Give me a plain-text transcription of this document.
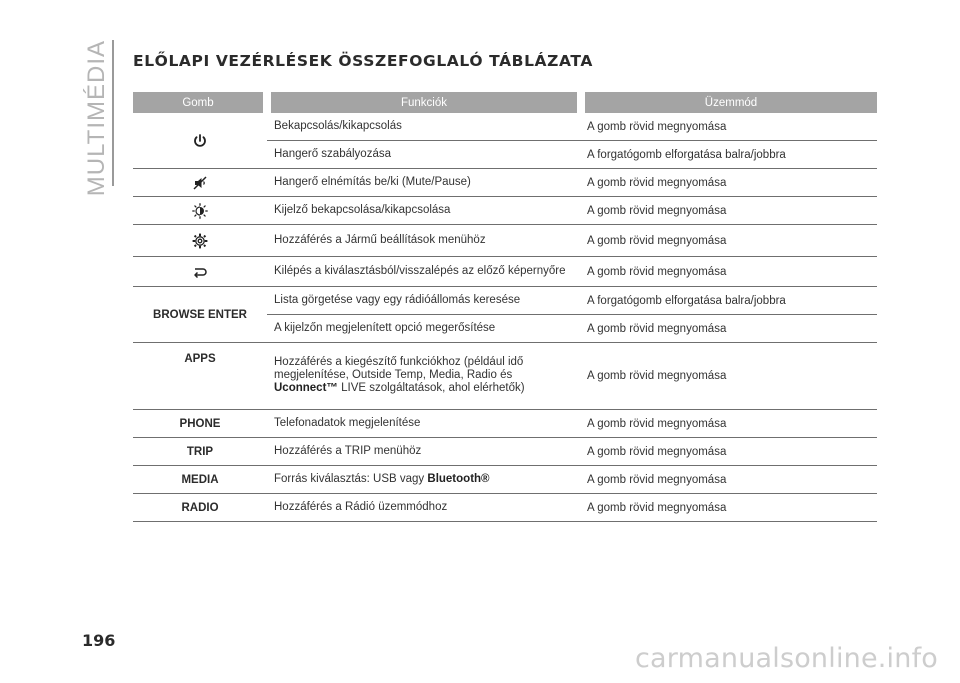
MULTIMÉDIA ELŐLAPI VEZÉRLÉSEK ÖSSZEFOGLALÓ TÁBLÁZATA
Gomb	Funkciók	Üzemmód

	Bekapcsolás/kikapcsolás	A gomb rövid megnyomása
	Hangerő szabályozása	A forgatógomb elforgatása balra/jobbra

	Hangerő elnémítás be/ki (Mute/Pause)	A gomb rövid megnyomása

	Kijelző bekapcsolása/kikapcsolása	A gomb rövid megnyomása

	Hozzáférés a Jármű beállítások menühöz	A gomb rövid megnyomása

	Kilépés a kiválasztásból/visszalépés az előző képernyőre	A gomb rövid megnyomása
BROWSE ENTER	Lista görgetése vagy egy rádióállomás keresése	A forgatógomb elforgatása balra/jobbra
	A kijelzőn megjelenített opció megerősítése	A gomb rövid megnyomása
APPS	Hozzáférés a kiegészítő funkciókhoz (például idő
megjelenítése, Outside Temp, Media, Radio és
Uconnect™ LIVE szolgáltatások, ahol elérhetők)	A gomb rövid megnyomása
PHONE	Telefonadatok megjelenítése	A gomb rövid megnyomása
TRIP	Hozzáférés a TRIP menühöz	A gomb rövid megnyomása
MEDIA	Forrás kiválasztás: USB vagy Bluetooth®	A gomb rövid megnyomása
RADIO	Hozzáférés a Rádió üzemmódhoz	A gomb rövid megnyomása
196
carmanualsonline.info
